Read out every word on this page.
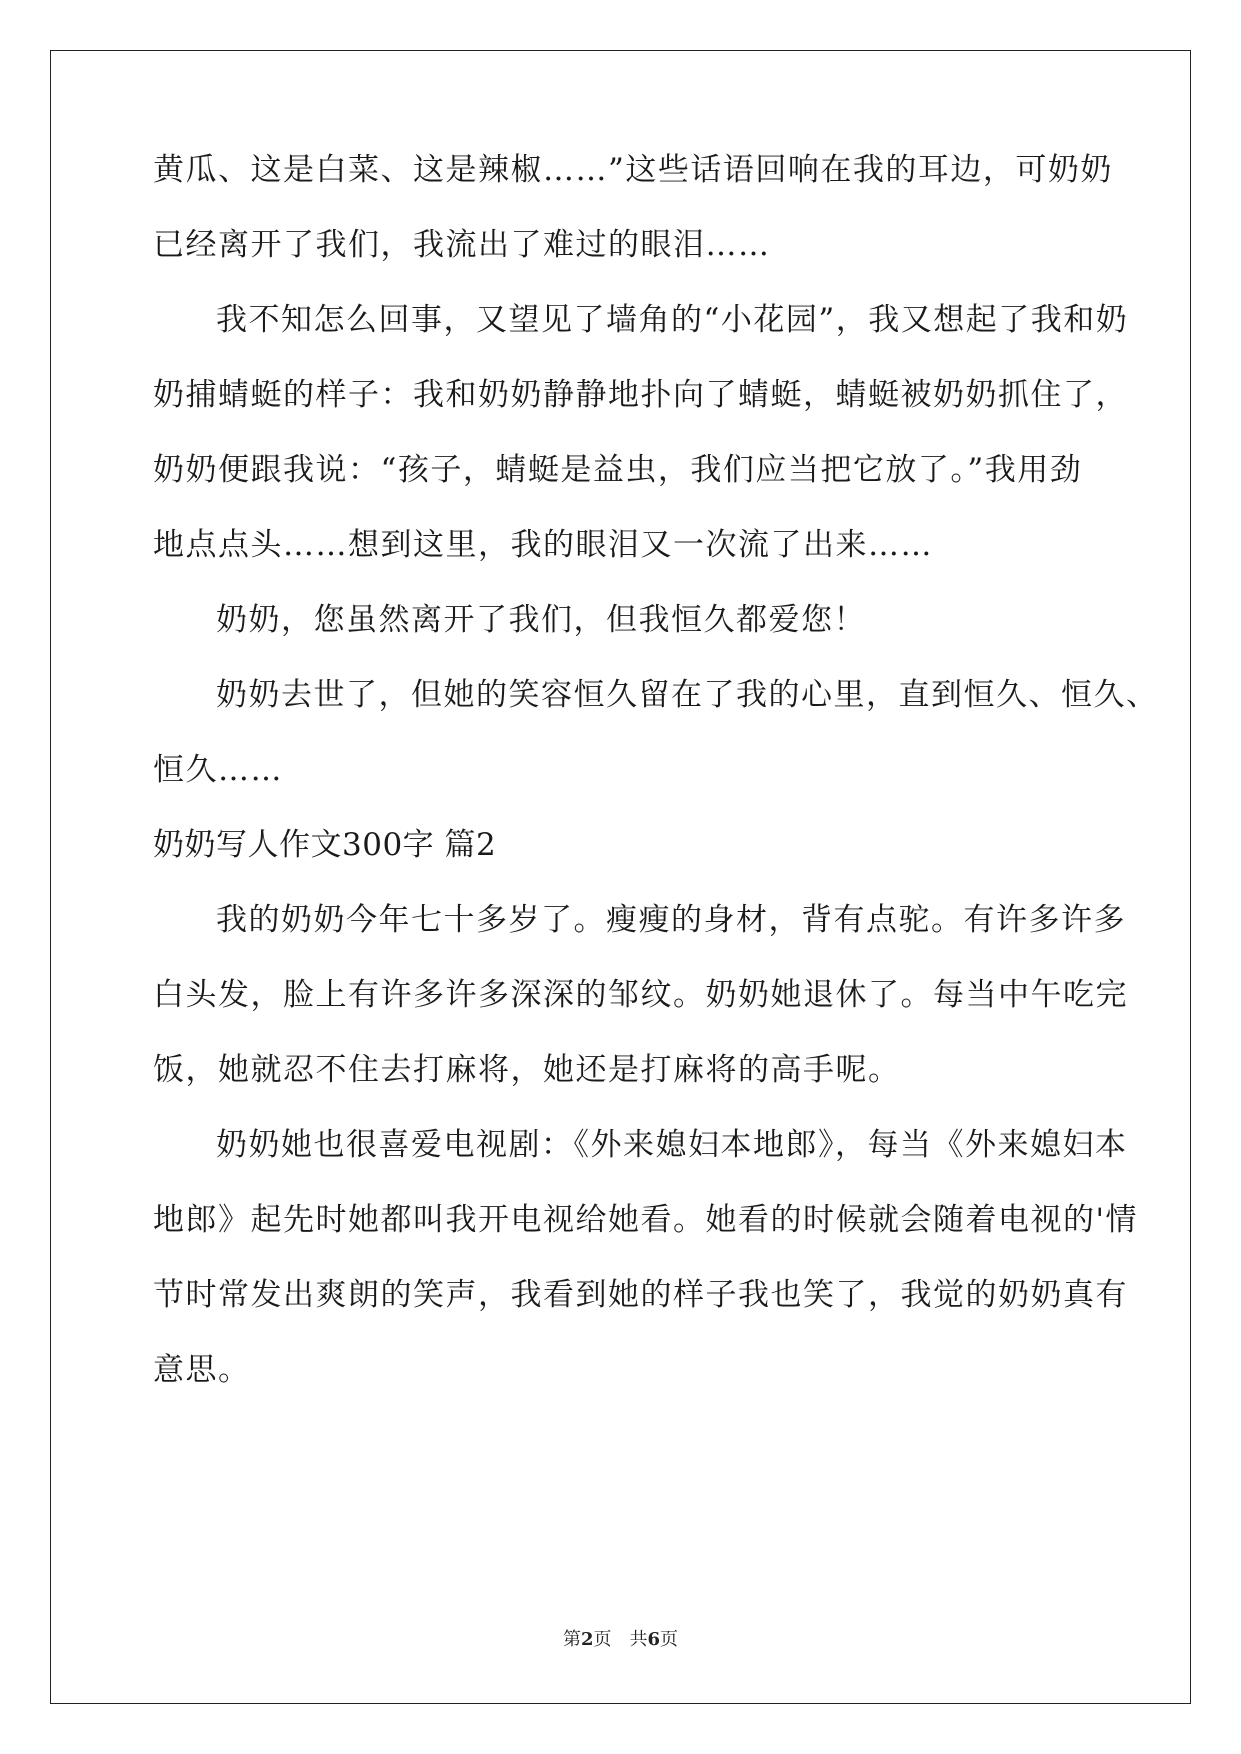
黄瓜、这是白菜、这是辣椒……”这些话语回响在我的耳边，可奶奶

已经离开了我们，我流出了难过的眼泪……

我不知怎么回事，又望见了墙角的“小花园”，我又想起了我和奶

奶捕蜻蜓的样子：我和奶奶静静地扑向了蜻蜓，蜻蜓被奶奶抓住了，

奶奶便跟我说：“孩子，蜻蜓是益虫，我们应当把它放了。”我用劲

地点点头……想到这里，我的眼泪又一次流了出来……

奶奶，您虽然离开了我们，但我恒久都爱您！

奶奶去世了，但她的笑容恒久留在了我的心里，直到恒久、恒久、

恒久……

奶奶写人作文300字 篇2

我的奶奶今年七十多岁了。瘦瘦的身材，背有点驼。有许多许多

白头发，脸上有许多许多深深的邹纹。奶奶她退休了。每当中午吃完

饭，她就忍不住去打麻将，她还是打麻将的高手呢。

奶奶她也很喜爱电视剧：《外来媳妇本地郎》，每当《外来媳妇本

地郎》起先时她都叫我开电视给她看。她看的时候就会随着电视的'情

节时常发出爽朗的笑声，我看到她的样子我也笑了，我觉的奶奶真有

意思。

第2页 共6页
